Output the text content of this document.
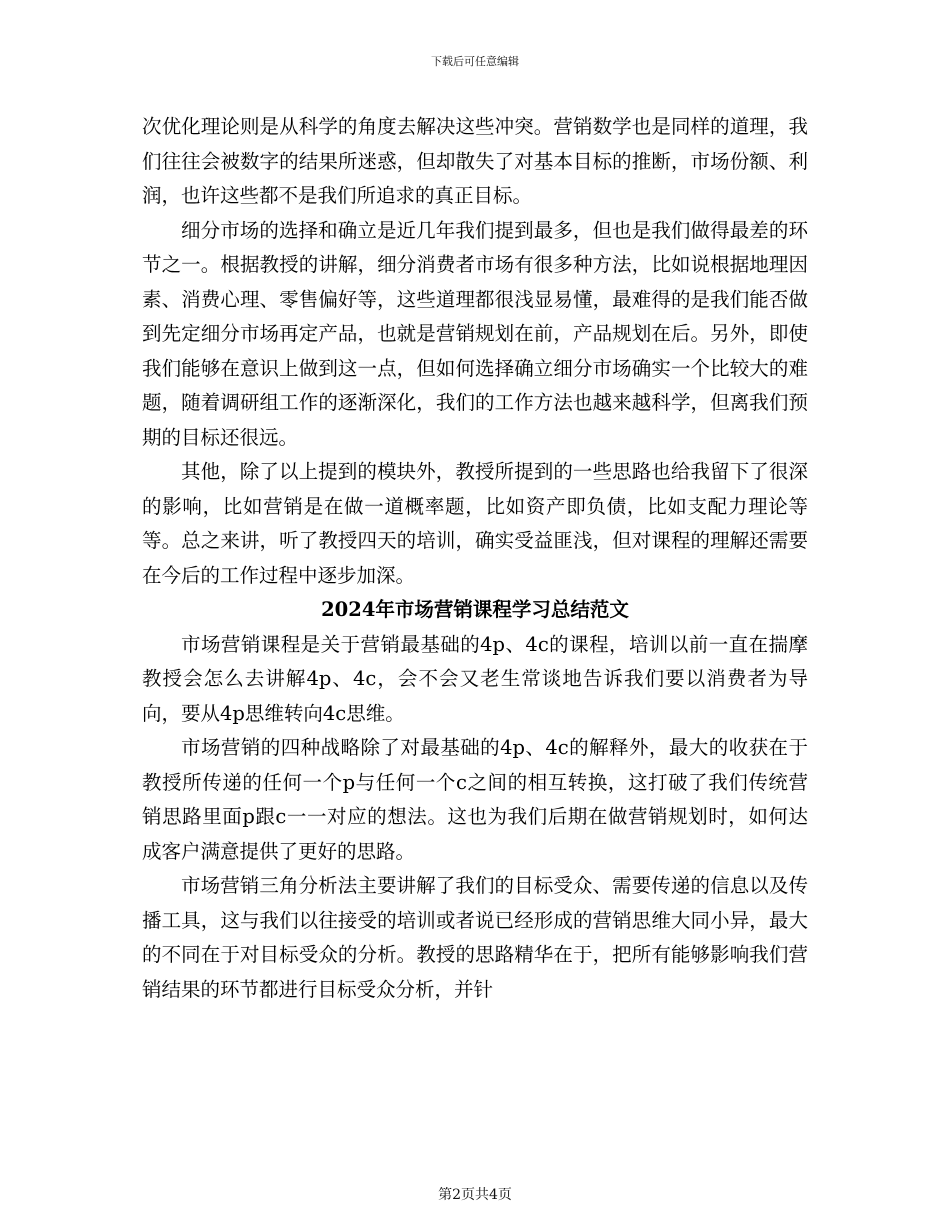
下载后可任意编辑

次优化理论则是从科学的角度去解决这些冲突。营销数学也是同样的道理，我们往往会被数字的结果所迷惑，但却散失了对基本目标的推断，市场份额、利润，也许这些都不是我们所追求的真正目标。

细分市场的选择和确立是近几年我们提到最多，但也是我们做得最差的环节之一。根据教授的讲解，细分消费者市场有很多种方法，比如说根据地理因素、消费心理、零售偏好等，这些道理都很浅显易懂，最难得的是我们能否做到先定细分市场再定产品，也就是营销规划在前，产品规划在后。另外，即使我们能够在意识上做到这一点，但如何选择确立细分市场确实一个比较大的难题，随着调研组工作的逐渐深化，我们的工作方法也越来越科学，但离我们预期的目标还很远。

其他，除了以上提到的模块外，教授所提到的一些思路也给我留下了很深的影响，比如营销是在做一道概率题，比如资产即负债，比如支配力理论等等。总之来讲，听了教授四天的培训，确实受益匪浅，但对课程的理解还需要在今后的工作过程中逐步加深。

2024年市场营销课程学习总结范文

市场营销课程是关于营销最基础的4p、4c的课程，培训以前一直在揣摩教授会怎么去讲解4p、4c，会不会又老生常谈地告诉我们要以消费者为导向，要从4p思维转向4c思维。

市场营销的四种战略除了对最基础的4p、4c的解释外，最大的收获在于教授所传递的任何一个p与任何一个c之间的相互转换，这打破了我们传统营销思路里面p跟c一一对应的想法。这也为我们后期在做营销规划时，如何达成客户满意提供了更好的思路。

市场营销三角分析法主要讲解了我们的目标受众、需要传递的信息以及传播工具，这与我们以往接受的培训或者说已经形成的营销思维大同小异，最大的不同在于对目标受众的分析。教授的思路精华在于，把所有能够影响我们营销结果的环节都进行目标受众分析，并针

第2页共4页
